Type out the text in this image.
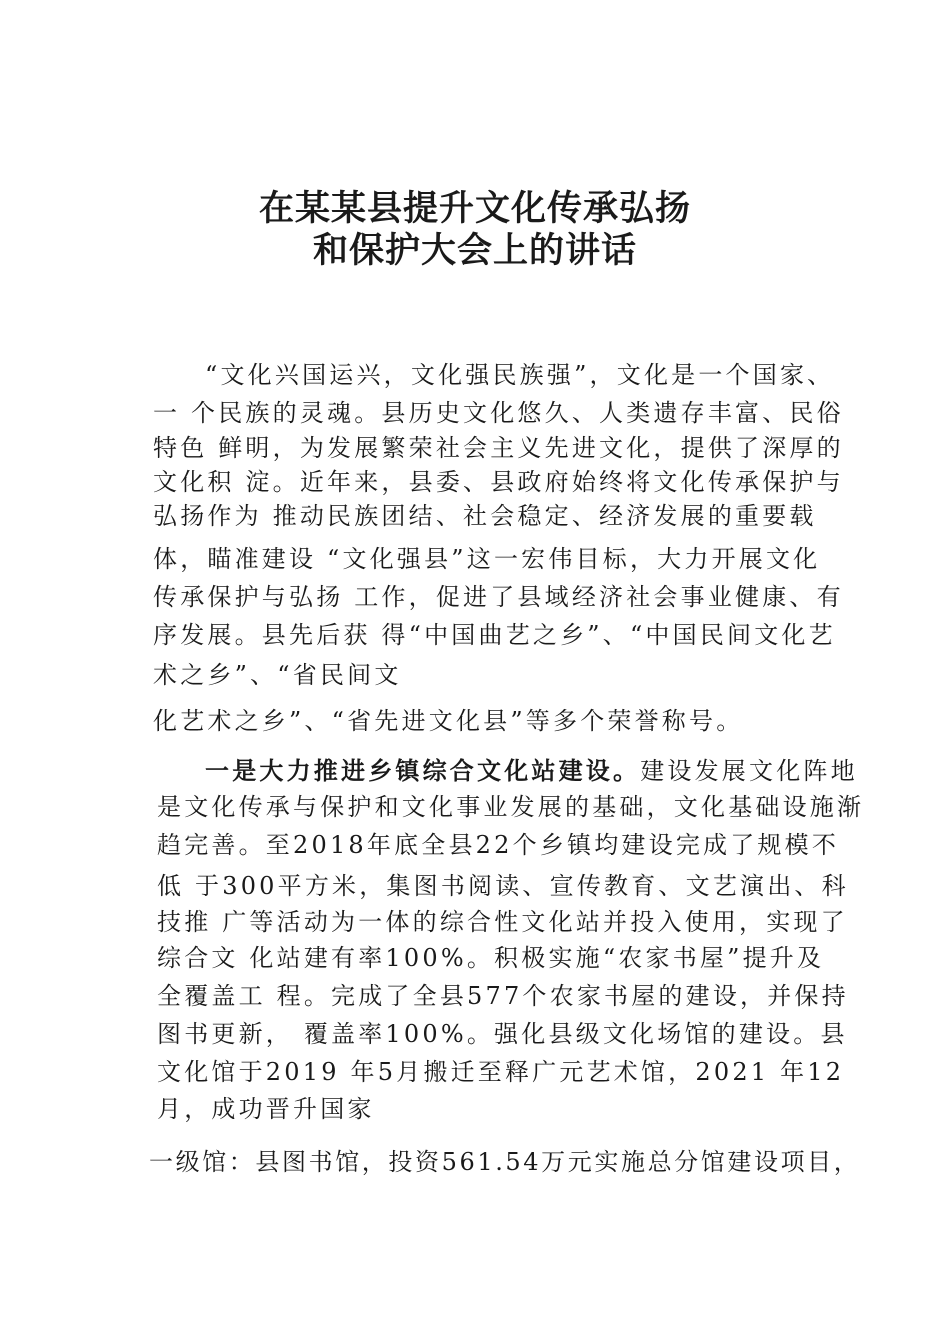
在某某县提升文化传承弘扬
和保护大会上的讲话

“文化兴国运兴，文化强民族强”，文化是一个国家、

一 个民族的灵魂。县历史文化悠久、人类遗存丰富、民俗

特色 鲜明，为发展繁荣社会主义先进文化，提供了深厚的

文化积 淀。近年来，县委、县政府始终将文化传承保护与

弘扬作为 推动民族团结、社会稳定、经济发展的重要载

体，瞄准建设 “文化强县”这一宏伟目标，大力开展文化

传承保护与弘扬 工作，促进了县域经济社会事业健康、有

序发展。县先后获 得“中国曲艺之乡”、“中国民间文化艺

术之乡”、“省民间文

化艺术之乡”、“省先进文化县”等多个荣誉称号。

一是大力推进乡镇综合文化站建设。建设发展文化阵地

是文化传承与保护和文化事业发展的基础，文化基础设施渐

趋完善。至2018年底全县22个乡镇均建设完成了规模不

低 于300平方米，集图书阅读、宣传教育、文艺演出、科

技推 广等活动为一体的综合性文化站并投入使用，实现了

综合文 化站建有率100%。积极实施“农家书屋”提升及

全覆盖工 程。完成了全县577个农家书屋的建设，并保持

图书更新， 覆盖率100%。强化县级文化场馆的建设。县

文化馆于2019 年5月搬迁至释广元艺术馆，2021 年12

月，成功晋升国家

一级馆：县图书馆，投资561.54万元实施总分馆建设项目，
